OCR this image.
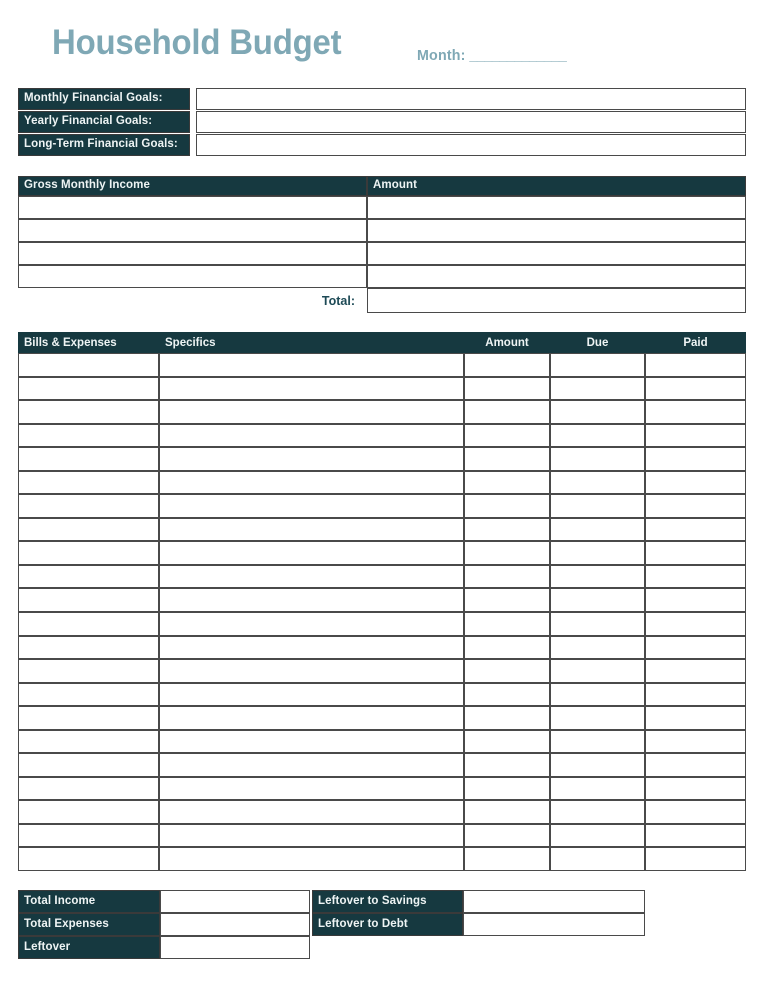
Household Budget	Month: _____________
Monthly Financial Goals:
Yearly Financial Goals:
Long-Term Financial Goals:
Gross Monthly Income	Amount
Total:
Bills & Expenses	Specifics	Amount	Due	Paid
Total Income	Leftover to Savings
Total Expenses	Leftover to Debt
Leftover
